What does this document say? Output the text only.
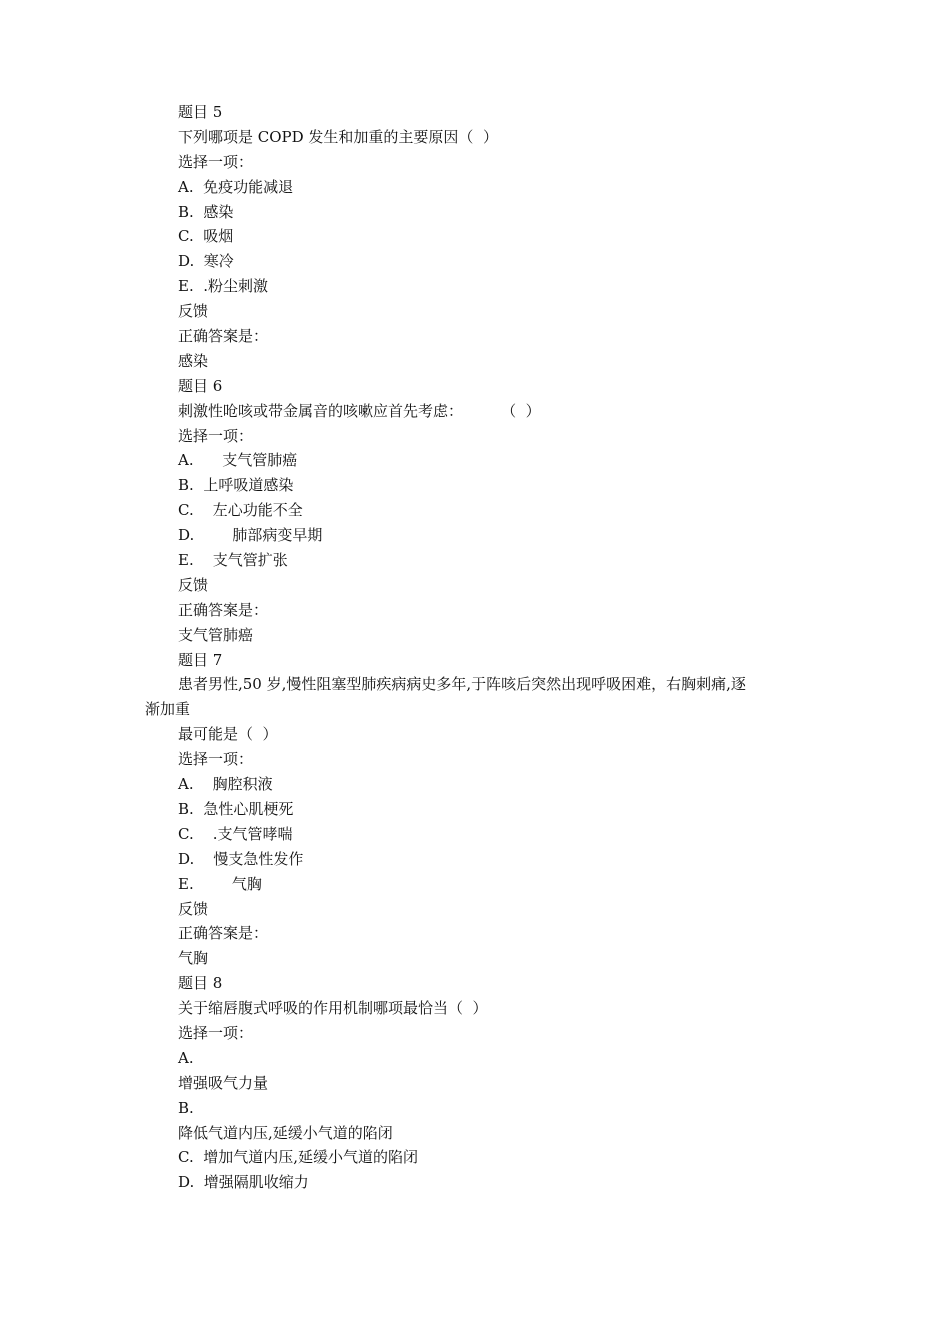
题目 5
下列哪项是 COPD 发生和加重的主要原因（  ）
选择一项：
A.  免疫功能减退
B.  感染
C.  吸烟
D.  寒冷
E.  .粉尘刺激
反馈
正确答案是：
感染
题目 6
刺激性呛咳或带金属音的咳嗽应首先考虑：        （  ）
选择一项：
A.      支气管肺癌
B.  上呼吸道感染
C.    左心功能不全
D.        肺部病变早期
E.    支气管扩张
反馈
正确答案是：
支气管肺癌
题目 7
患者男性,50 岁,慢性阻塞型肺疾病病史多年,于阵咳后突然出现呼吸困难，右胸刺痛,逐
渐加重
最可能是（  ）
选择一项：
A.    胸腔积液
B.  急性心肌梗死
C.    .支气管哮喘
D.    慢支急性发作
E.        气胸
反馈
正确答案是：
气胸
题目 8
关于缩唇腹式呼吸的作用机制哪项最恰当（  ）
选择一项：
A.
增强吸气力量
B.
降低气道内压,延缓小气道的陷闭
C.  增加气道内压,延缓小气道的陷闭
D.  增强隔肌收缩力
